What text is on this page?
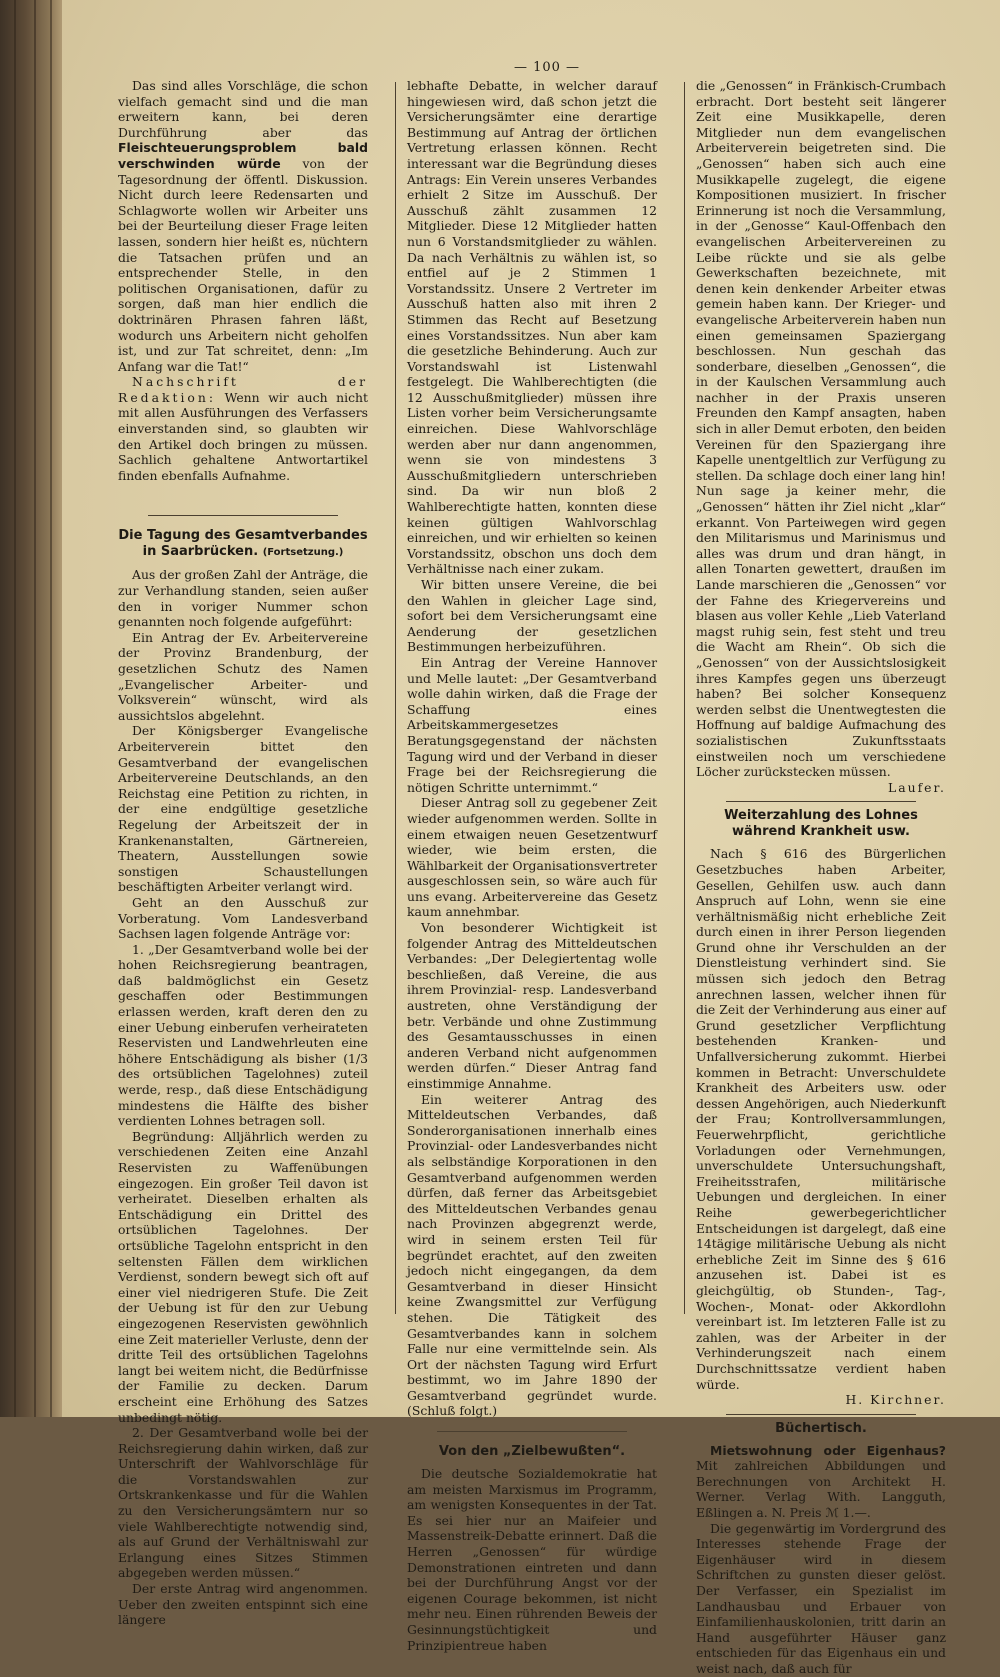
— 100 —

Das sind alles Vorschläge, die schon vielfach gemacht sind und die man erweitern kann, bei deren Durchführung aber das Fleischteuerungsproblem bald verschwinden würde von der Tagesordnung der öffentl. Diskussion. Nicht durch leere Redensarten und Schlagworte wollen wir Arbeiter uns bei der Beurteilung dieser Frage leiten lassen, sondern hier heißt es, nüchtern die Tatsachen prüfen und an entsprechender Stelle, in den politischen Organisationen, dafür zu sorgen, daß man hier endlich die doktrinären Phrasen fahren läßt, wodurch uns Arbeitern nicht geholfen ist, und zur Tat schreitet, denn: „Im Anfang war die Tat!“

Nachschrift der Redaktion: Wenn wir auch nicht mit allen Ausführungen des Verfassers einverstanden sind, so glaubten wir den Artikel doch bringen zu müssen. Sachlich gehaltene Antwortartikel finden ebenfalls Aufnahme.

Die Tagung des Gesamtverbandes in Saarbrücken. (Fortsetzung.)

Aus der großen Zahl der Anträge, die zur Verhandlung standen, seien außer den in voriger Nummer schon genannten noch folgende aufgeführt:

Ein Antrag der Ev. Arbeitervereine der Provinz Brandenburg, der gesetzlichen Schutz des Namen „Evangelischer Arbeiter- und Volksverein“ wünscht, wird als aussichtslos abgelehnt.

Der Königsberger Evangelische Arbeiterverein bittet den Gesamtverband der evangelischen Arbeitervereine Deutschlands, an den Reichstag eine Petition zu richten, in der eine endgültige gesetzliche Regelung der Arbeitszeit der in Krankenanstalten, Gärtnereien, Theatern, Ausstellungen sowie sonstigen Schaustellungen beschäftigten Arbeiter verlangt wird.

Geht an den Ausschuß zur Vorberatung. Vom Landesverband Sachsen lagen folgende Anträge vor:

1. „Der Gesamtverband wolle bei der hohen Reichsregierung beantragen, daß baldmöglichst ein Gesetz geschaffen oder Bestimmungen erlassen werden, kraft deren den zu einer Uebung einberufen verheirateten Reservisten und Landwehrleuten eine höhere Entschädigung als bisher (1/3 des ortsüblichen Tagelohnes) zuteil werde, resp., daß diese Entschädigung mindestens die Hälfte des bisher verdienten Lohnes betragen soll.

Begründung: Alljährlich werden zu verschiedenen Zeiten eine Anzahl Reservisten zu Waffenübungen eingezogen. Ein großer Teil davon ist verheiratet. Dieselben erhalten als Entschädigung ein Drittel des ortsüblichen Tagelohnes. Der ortsübliche Tagelohn entspricht in den seltensten Fällen dem wirklichen Verdienst, sondern bewegt sich oft auf einer viel niedrigeren Stufe. Die Zeit der Uebung ist für den zur Uebung eingezogenen Reservisten gewöhnlich eine Zeit materieller Verluste, denn der dritte Teil des ortsüblichen Tagelohns langt bei weitem nicht, die Bedürfnisse der Familie zu decken. Darum erscheint eine Erhöhung des Satzes unbedingt nötig.

2. Der Gesamtverband wolle bei der Reichsregierung dahin wirken, daß zur Unterschrift der Wahlvorschläge für die Vorstandswahlen zur Ortskrankenkasse und für die Wahlen zu den Versicherungsämtern nur so viele Wahlberechtigte notwendig sind, als auf Grund der Verhältniswahl zur Erlangung eines Sitzes Stimmen abgegeben werden müssen.“

Der erste Antrag wird angenommen. Ueber den zweiten entspinnt sich eine längere

lebhafte Debatte, in welcher darauf hingewiesen wird, daß schon jetzt die Versicherungsämter eine derartige Bestimmung auf Antrag der örtlichen Vertretung erlassen können. Recht interessant war die Begründung dieses Antrags: Ein Verein unseres Verbandes erhielt 2 Sitze im Ausschuß. Der Ausschuß zählt zusammen 12 Mitglieder. Diese 12 Mitglieder hatten nun 6 Vorstandsmitglieder zu wählen. Da nach Verhältnis zu wählen ist, so entfiel auf je 2 Stimmen 1 Vorstandssitz. Unsere 2 Vertreter im Ausschuß hatten also mit ihren 2 Stimmen das Recht auf Besetzung eines Vorstandssitzes. Nun aber kam die gesetzliche Behinderung. Auch zur Vorstandswahl ist Listenwahl festgelegt. Die Wahlberechtigten (die 12 Ausschußmitglieder) müssen ihre Listen vorher beim Versicherungsamte einreichen. Diese Wahlvorschläge werden aber nur dann angenommen, wenn sie von mindestens 3 Ausschußmitgliedern unterschrieben sind. Da wir nun bloß 2 Wahlberechtigte hatten, konnten diese keinen gültigen Wahlvorschlag einreichen, und wir erhielten so keinen Vorstandssitz, obschon uns doch dem Verhältnisse nach einer zukam.

Wir bitten unsere Vereine, die bei den Wahlen in gleicher Lage sind, sofort bei dem Versicherungsamt eine Aenderung der gesetzlichen Bestimmungen herbeizuführen.

Ein Antrag der Vereine Hannover und Melle lautet: „Der Gesamtverband wolle dahin wirken, daß die Frage der Schaffung eines Arbeitskammergesetzes Beratungsgegenstand der nächsten Tagung wird und der Verband in dieser Frage bei der Reichsregierung die nötigen Schritte unternimmt.“

Dieser Antrag soll zu gegebener Zeit wieder aufgenommen werden. Sollte in einem etwaigen neuen Gesetzentwurf wieder, wie beim ersten, die Wählbarkeit der Organisationsvertreter ausgeschlossen sein, so wäre auch für uns evang. Arbeitervereine das Gesetz kaum annehmbar.

Von besonderer Wichtigkeit ist folgender Antrag des Mitteldeutschen Verbandes: „Der Delegiertentag wolle beschließen, daß Vereine, die aus ihrem Provinzial- resp. Landesverband austreten, ohne Verständigung der betr. Verbände und ohne Zustimmung des Gesamtausschusses in einen anderen Verband nicht aufgenommen werden dürfen.“ Dieser Antrag fand einstimmige Annahme.

Ein weiterer Antrag des Mitteldeutschen Verbandes, daß Sonderorganisationen innerhalb eines Provinzial- oder Landesverbandes nicht als selbständige Korporationen in den Gesamtverband aufgenommen werden dürfen, daß ferner das Arbeitsgebiet des Mitteldeutschen Verbandes genau nach Provinzen abgegrenzt werde, wird in seinem ersten Teil für begründet erachtet, auf den zweiten jedoch nicht eingegangen, da dem Gesamtverband in dieser Hinsicht keine Zwangsmittel zur Verfügung stehen. Die Tätigkeit des Gesamtverbandes kann in solchem Falle nur eine vermittelnde sein. Als Ort der nächsten Tagung wird Erfurt bestimmt, wo im Jahre 1890 der Gesamtverband gegründet wurde. (Schluß folgt.)

Von den „Zielbewußten“.

Die deutsche Sozialdemokratie hat am meisten Marxismus im Programm, am wenigsten Konsequentes in der Tat. Es sei hier nur an Maifeier und Massenstreik-Debatte erinnert. Daß die Herren „Genossen“ für würdige Demonstrationen eintreten und dann bei der Durchführung Angst vor der eigenen Courage bekommen, ist nicht mehr neu. Einen rührenden Beweis der Gesinnungstüchtigkeit und Prinzipientreue haben

die „Genossen“ in Fränkisch-Crumbach erbracht. Dort besteht seit längerer Zeit eine Musikkapelle, deren Mitglieder nun dem evangelischen Arbeiterverein beigetreten sind. Die „Genossen“ haben sich auch eine Musikkapelle zugelegt, die eigene Kompositionen musiziert. In frischer Erinnerung ist noch die Versammlung, in der „Genosse“ Kaul-Offenbach den evangelischen Arbeitervereinen zu Leibe rückte und sie als gelbe Gewerkschaften bezeichnete, mit denen kein denkender Arbeiter etwas gemein haben kann. Der Krieger- und evangelische Arbeiterverein haben nun einen gemeinsamen Spaziergang beschlossen. Nun geschah das sonderbare, dieselben „Genossen“, die in der Kaulschen Versammlung auch nachher in der Praxis unseren Freunden den Kampf ansagten, haben sich in aller Demut erboten, den beiden Vereinen für den Spaziergang ihre Kapelle unentgeltlich zur Verfügung zu stellen. Da schlage doch einer lang hin! Nun sage ja keiner mehr, die „Genossen“ hätten ihr Ziel nicht „klar“ erkannt. Von Parteiwegen wird gegen den Militarismus und Marinismus und alles was drum und dran hängt, in allen Tonarten gewettert, draußen im Lande marschieren die „Genossen“ vor der Fahne des Kriegervereins und blasen aus voller Kehle „Lieb Vaterland magst ruhig sein, fest steht und treu die Wacht am Rhein“. Ob sich die „Genossen“ von der Aussichtslosigkeit ihres Kampfes gegen uns überzeugt haben? Bei solcher Konsequenz werden selbst die Unentwegtesten die Hoffnung auf baldige Aufmachung des sozialistischen Zukunftsstaats einstweilen noch um verschiedene Löcher zurückstecken müssen.

Laufer.

Weiterzahlung des Lohnes während Krankheit usw.

Nach § 616 des Bürgerlichen Gesetzbuches haben Arbeiter, Gesellen, Gehilfen usw. auch dann Anspruch auf Lohn, wenn sie eine verhältnismäßig nicht erhebliche Zeit durch einen in ihrer Person liegenden Grund ohne ihr Verschulden an der Dienstleistung verhindert sind. Sie müssen sich jedoch den Betrag anrechnen lassen, welcher ihnen für die Zeit der Verhinderung aus einer auf Grund gesetzlicher Verpflichtung bestehenden Kranken- und Unfallversicherung zukommt. Hierbei kommen in Betracht: Unverschuldete Krankheit des Arbeiters usw. oder dessen Angehörigen, auch Niederkunft der Frau; Kontrollversammlungen, Feuerwehrpflicht, gerichtliche Vorladungen oder Vernehmungen, unverschuldete Untersuchungshaft, Freiheitsstrafen, militärische Uebungen und dergleichen. In einer Reihe gewerbegerichtlicher Entscheidungen ist dargelegt, daß eine 14tägige militärische Uebung als nicht erhebliche Zeit im Sinne des § 616 anzusehen ist. Dabei ist es gleichgültig, ob Stunden-, Tag-, Wochen-, Monat- oder Akkordlohn vereinbart ist. Im letzteren Falle ist zu zahlen, was der Arbeiter in der Verhinderungszeit nach einem Durchschnittssatze verdient haben würde.

H. Kirchner.

Büchertisch.

Mietswohnung oder Eigenhaus? Mit zahlreichen Abbildungen und Berechnungen von Architekt H. Werner. Verlag With. Langguth, Eßlingen a. N. Preis ℳ 1.—.

Die gegenwärtig im Vordergrund des Interesses stehende Frage der Eigenhäuser wird in diesem Schriftchen zu gunsten dieser gelöst. Der Verfasser, ein Spezialist im Landhausbau und Erbauer von Einfamilienhauskolonien, tritt darin an Hand ausgeführter Häuser ganz entschieden für das Eigenhaus ein und weist nach, daß auch für
